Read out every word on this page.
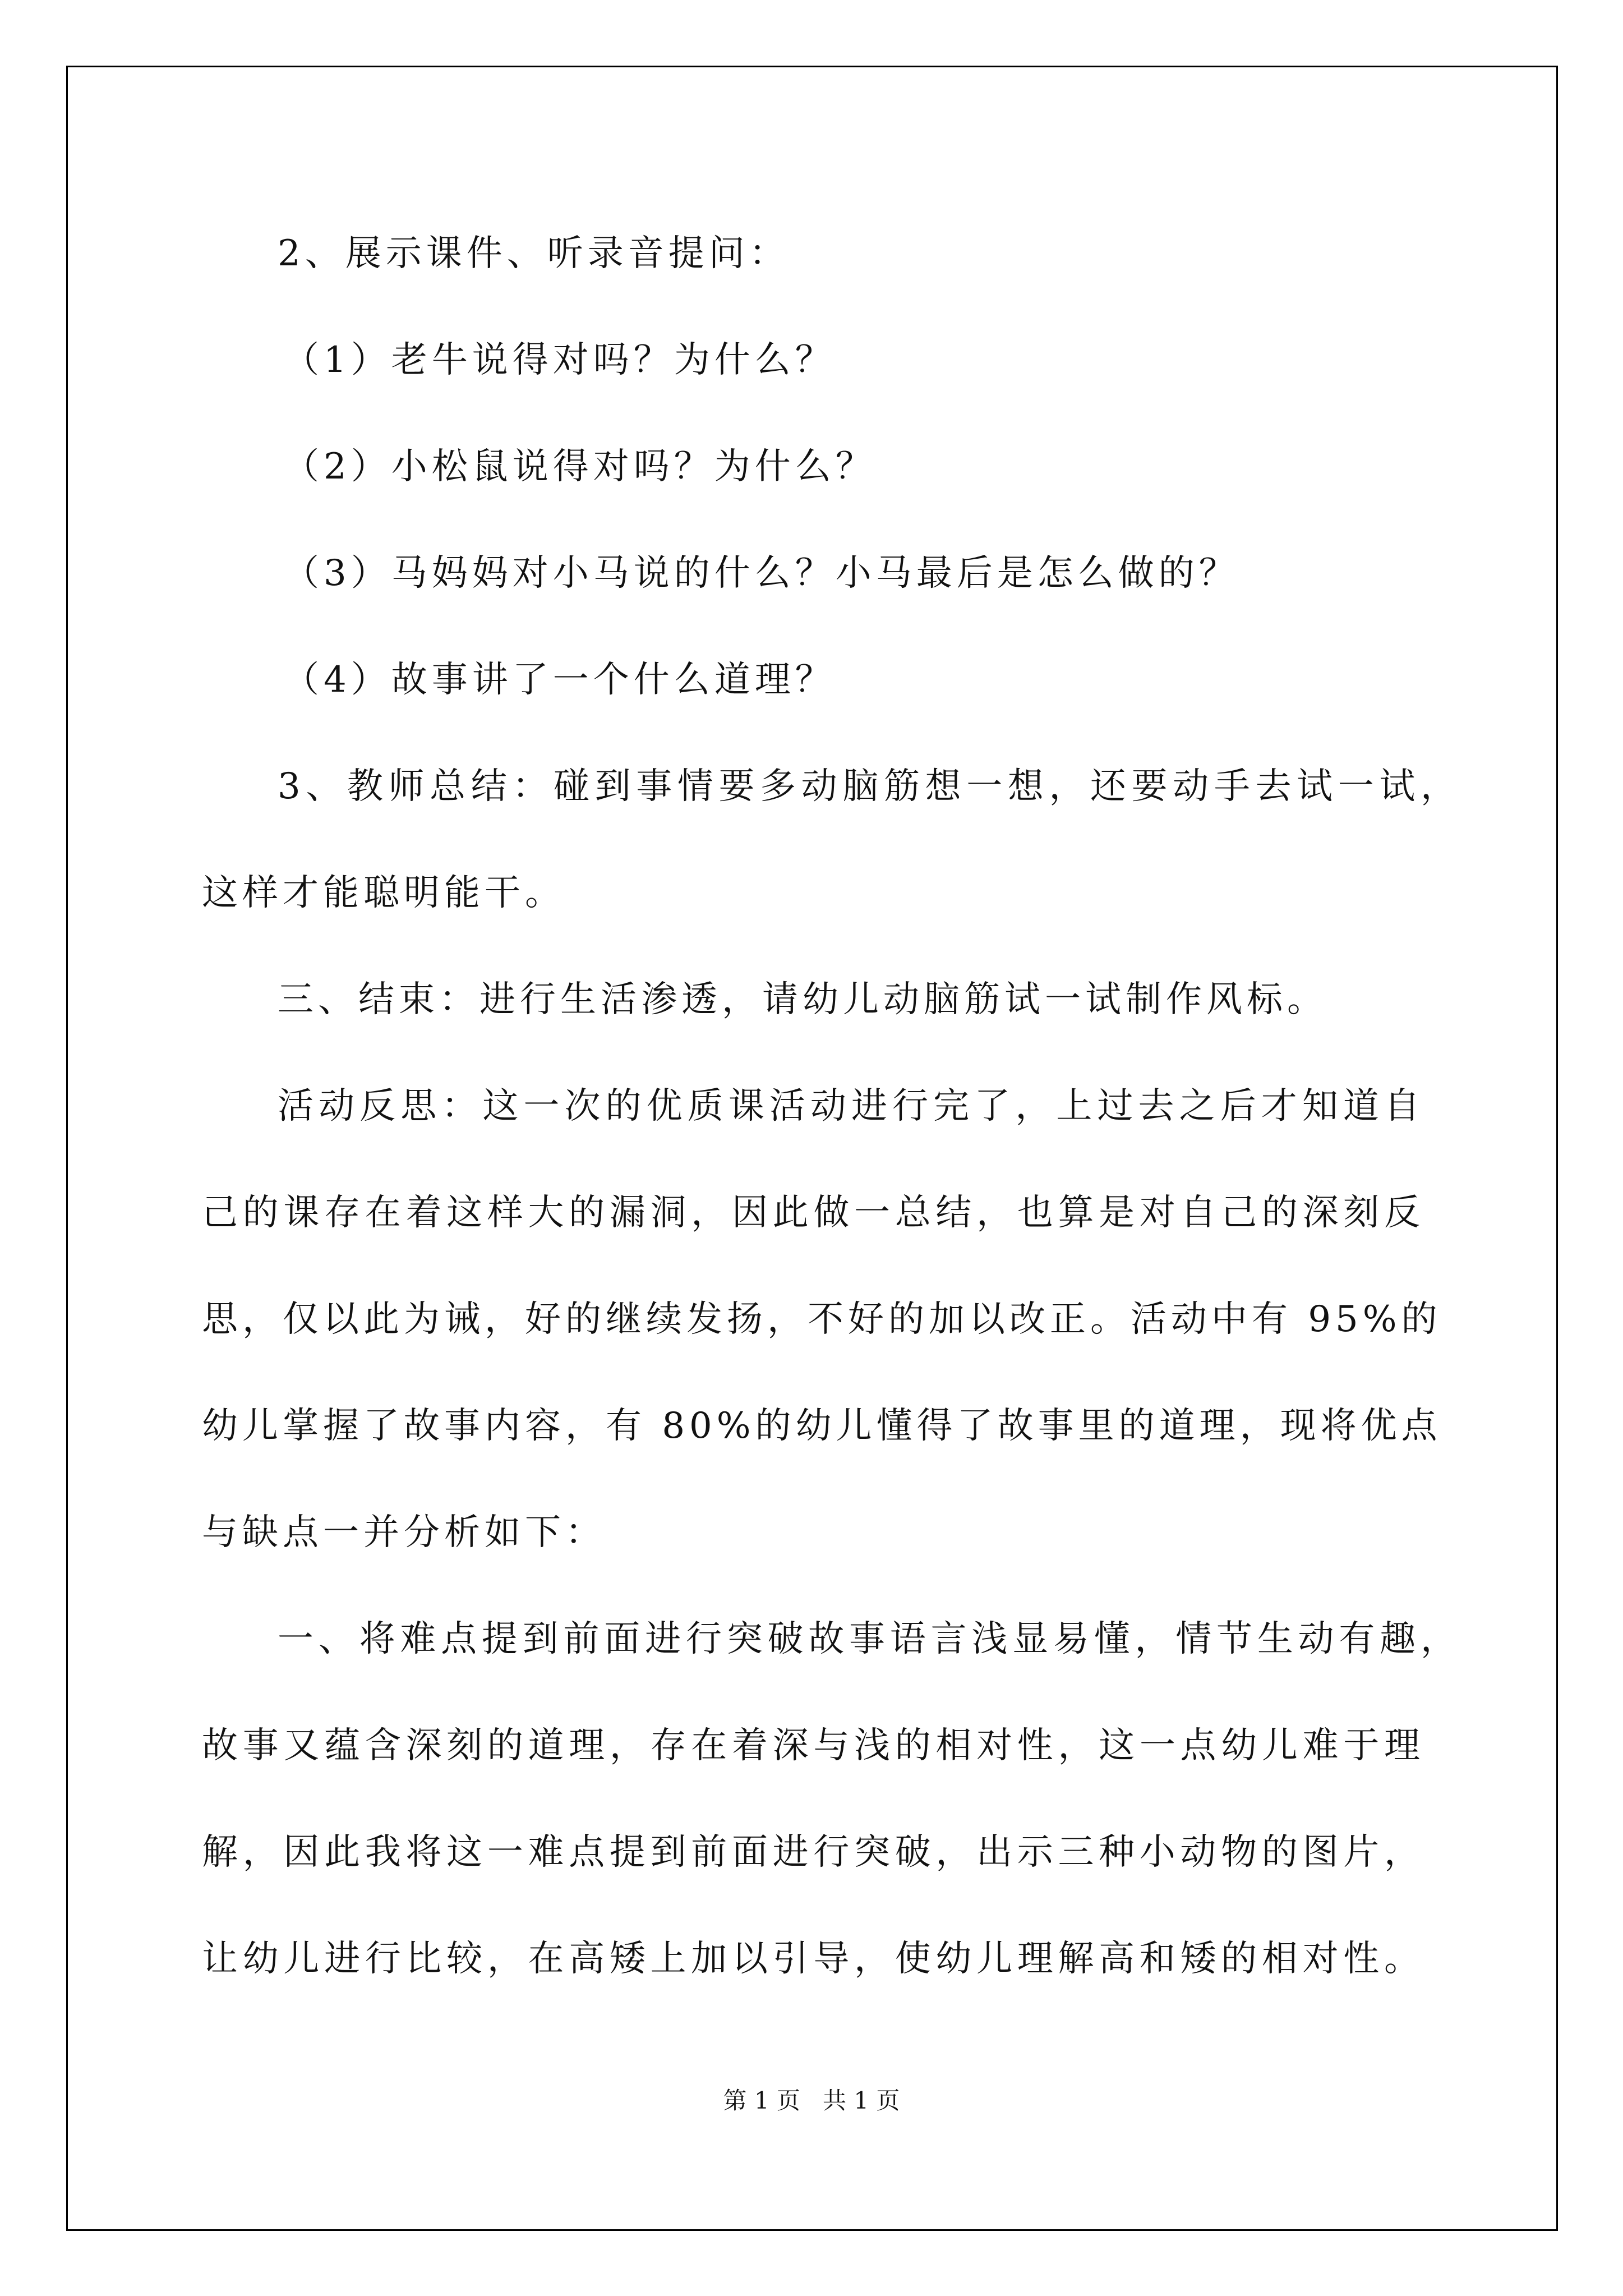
2、展示课件、听录音提问：
（1）老牛说得对吗？为什么？
（2）小松鼠说得对吗？为什么？
（3）马妈妈对小马说的什么？小马最后是怎么做的？
（4）故事讲了一个什么道理？
3、教师总结：碰到事情要多动脑筋想一想，还要动手去试一试，
这样才能聪明能干。
三、结束：进行生活渗透，请幼儿动脑筋试一试制作风标。
活动反思：这一次的优质课活动进行完了，上过去之后才知道自
己的课存在着这样大的漏洞，因此做一总结，也算是对自己的深刻反
思，仅以此为诫，好的继续发扬，不好的加以改正。活动中有 95%的
幼儿掌握了故事内容，有 80%的幼儿懂得了故事里的道理，现将优点
与缺点一并分析如下：
一、将难点提到前面进行突破故事语言浅显易懂，情节生动有趣，
故事又蕴含深刻的道理，存在着深与浅的相对性，这一点幼儿难于理
解，因此我将这一难点提到前面进行突破，出示三种小动物的图片，
让幼儿进行比较，在高矮上加以引导，使幼儿理解高和矮的相对性。
第 1 页   共 1 页
